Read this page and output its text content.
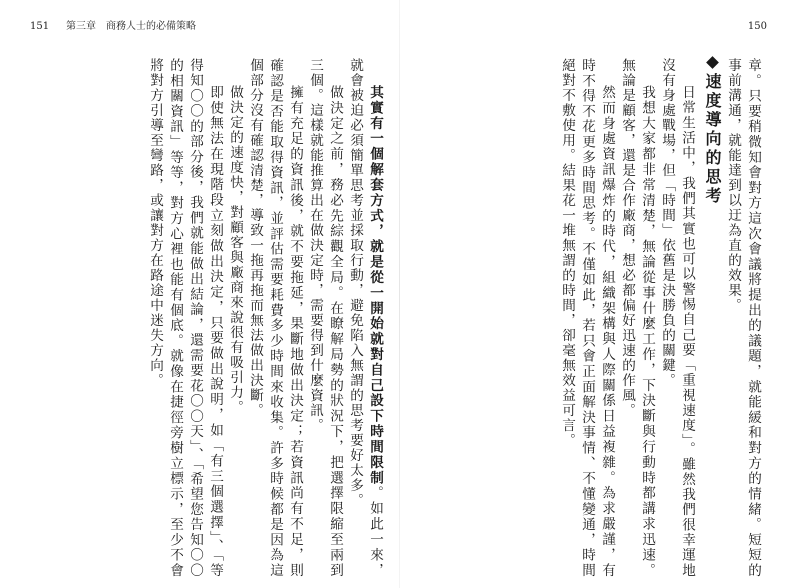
151 第三章　商務人士的必備策略

其實有一個解套方式，就是從一開始就對自己設下時間限制。如此一來，就會被迫必須簡單思考並採取行動，避免陷入無謂的思考要好太多。

做決定之前，務必先綜觀全局。在瞭解局勢的狀況下，把選擇限縮至兩到三個。這樣就能推算出在做決定時，需要得到什麼資訊。

擁有充足的資訊後，就不要拖延，果斷地做出決定；若資訊尚有不足，則確認是否能取得資訊，並評估需要耗費多少時間來收集。許多時候都是因為這個部分沒有確認清楚，導致一拖再拖而無法做出決斷。

做決定的速度快，對顧客與廠商來說很有吸引力。

即使無法在現階段立刻做出決定，只要做出說明，如「有三個選擇」、「等得知〇〇的部分後，我們就能做出結論，還需要花〇〇天」、「希望您告知〇〇的相關資訊」等等，對方心裡也能有個底。就像在捷徑旁樹立標示，至少不會將對方引導至彎路，或讓對方在路途中迷失方向。

150

章。只要稍微知會對方這次會議將提出的議題，就能緩和對方的情緒。短短的事前溝通，就能達到以迂為直的效果。

速度導向的思考

日常生活中，我們其實也可以警惕自己要「重視速度」。雖然我們很幸運地沒有身處戰場，但「時間」依舊是決勝負的關鍵。

我想大家都非常清楚，無論從事什麼工作，下決斷與行動時都講求迅速。無論是顧客，還是合作廠商，想必都偏好迅速的作風。

然而身處資訊爆炸的時代，組織架構與人際關係日益複雜。為求嚴謹，有時不得不花更多時間思考。不僅如此，若只會正面解決事情、不懂變通，時間絕對不敷使用。結果花一堆無謂的時間，卻毫無效益可言。
